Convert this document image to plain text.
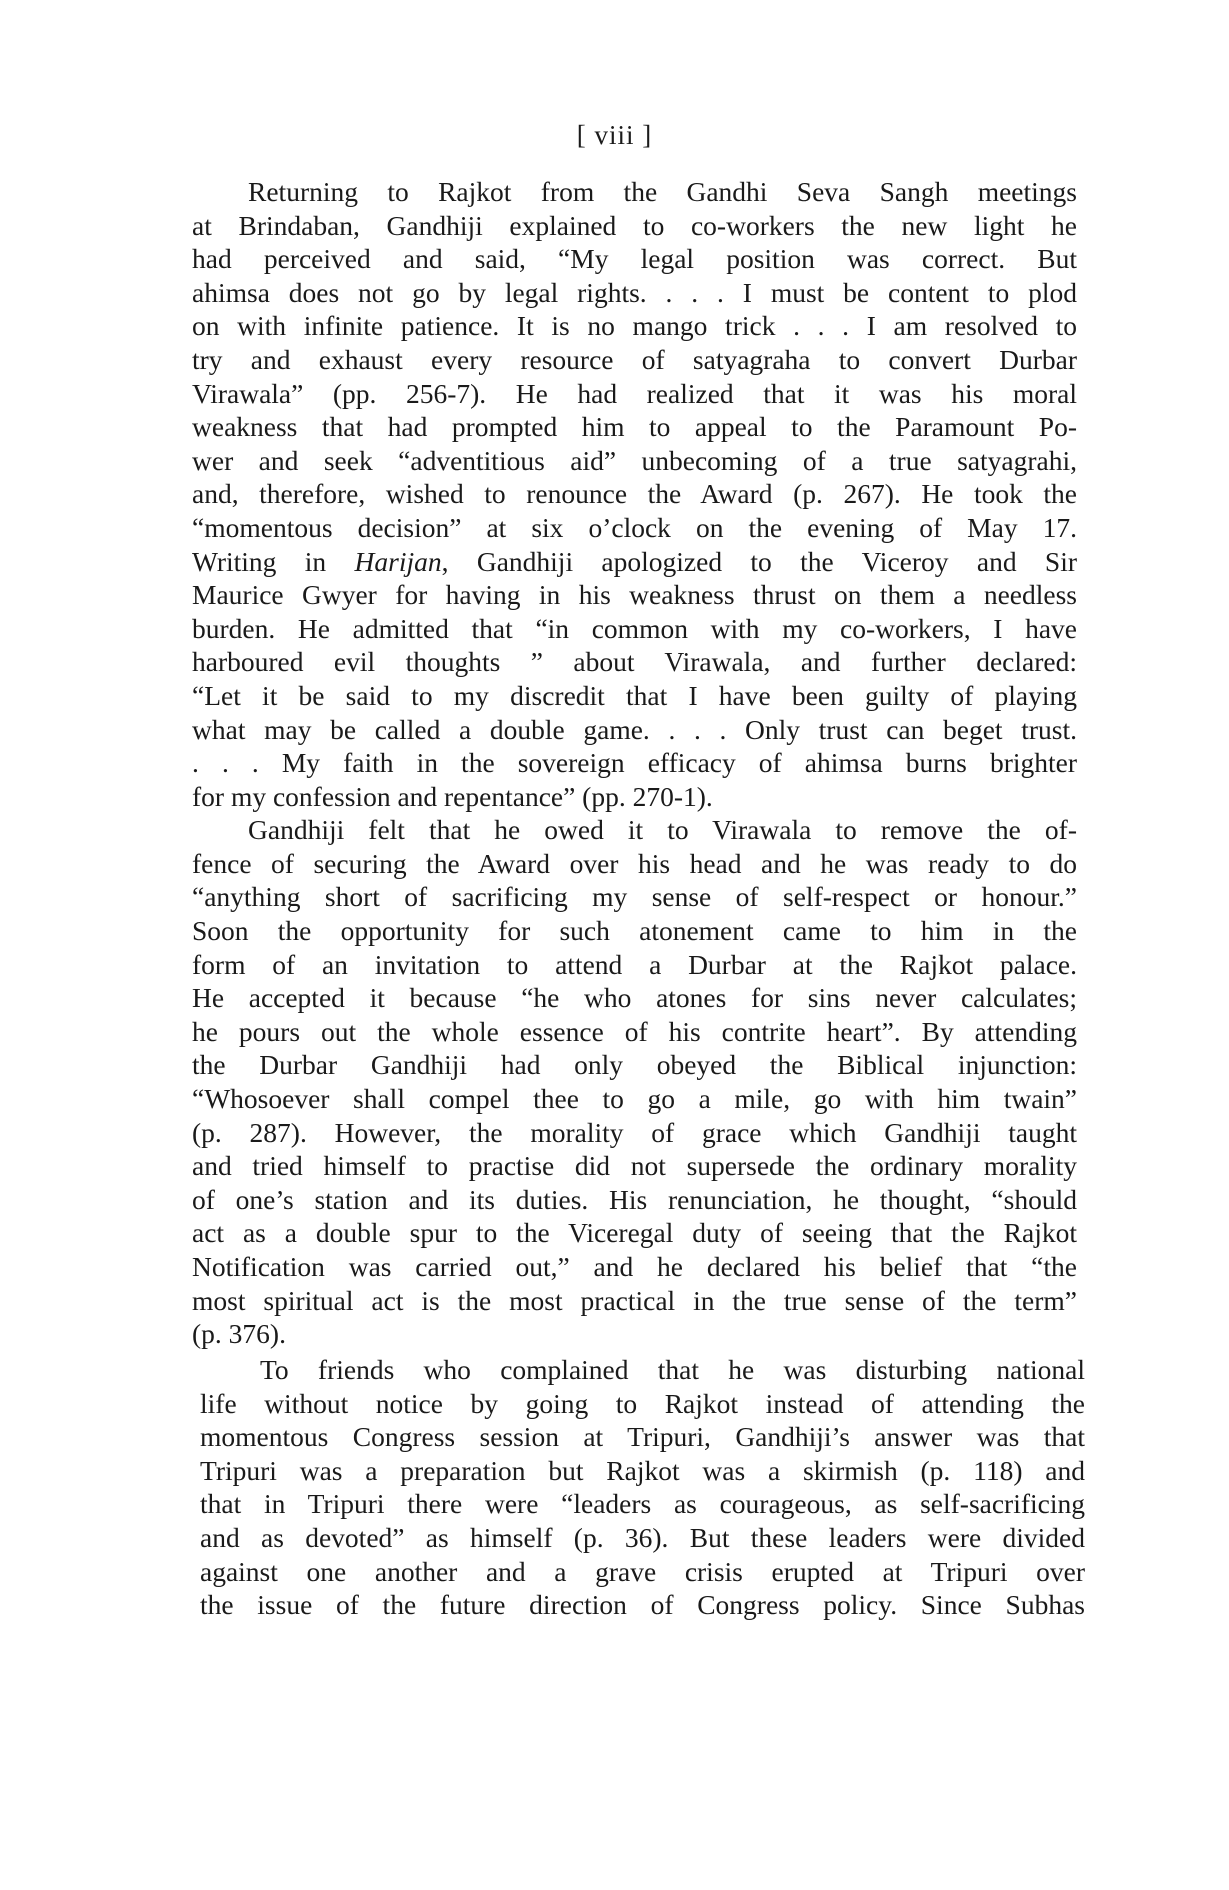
[ viii ]
Returning to Rajkot from the Gandhi Seva Sangh meetings
at Brindaban, Gandhiji explained to co-workers the new light he
had perceived and said, “My legal position was correct. But
ahimsa does not go by legal rights. . . . I must be content to plod
on with infinite patience. It is no mango trick . . . I am resolved to
try and exhaust every resource of satyagraha to convert Durbar
Virawala” (pp. 256-7). He had realized that it was his moral
weakness that had prompted him to appeal to the Paramount Po-
wer and seek “adventitious aid” unbecoming of a true satyagrahi,
and, therefore, wished to renounce the Award (p. 267). He took the
“momentous decision” at six o’clock on the evening of May 17.
Writing in Harijan, Gandhiji apologized to the Viceroy and Sir
Maurice Gwyer for having in his weakness thrust on them a needless
burden. He admitted that “in common with my co-workers, I have
harboured evil thoughts ” about Virawala, and further declared:
“Let it be said to my discredit that I have been guilty of playing
what may be called a double game. . . . Only trust can beget trust.
. . . My faith in the sovereign efficacy of ahimsa burns brighter
for my confession and repentance” (pp. 270-1).
Gandhiji felt that he owed it to Virawala to remove the of-
fence of securing the Award over his head and he was ready to do
“anything short of sacrificing my sense of self-respect or honour.”
Soon the opportunity for such atonement came to him in the
form of an invitation to attend a Durbar at the Rajkot palace.
He accepted it because “he who atones for sins never calculates;
he pours out the whole essence of his contrite heart”. By attending
the Durbar Gandhiji had only obeyed the Biblical injunction:
“Whosoever shall compel thee to go a mile, go with him twain”
(p. 287). However, the morality of grace which Gandhiji taught
and tried himself to practise did not supersede the ordinary morality
of one’s station and its duties. His renunciation, he thought, “should
act as a double spur to the Viceregal duty of seeing that the Rajkot
Notification was carried out,” and he declared his belief that “the
most spiritual act is the most practical in the true sense of the term”
(p. 376).
To friends who complained that he was disturbing national
life without notice by going to Rajkot instead of attending the
momentous Congress session at Tripuri, Gandhiji’s answer was that
Tripuri was a preparation but Rajkot was a skirmish (p. 118) and
that in Tripuri there were “leaders as courageous, as self-sacrificing
and as devoted” as himself (p. 36). But these leaders were divided
against one another and a grave crisis erupted at Tripuri over
the issue of the future direction of Congress policy. Since Subhas
